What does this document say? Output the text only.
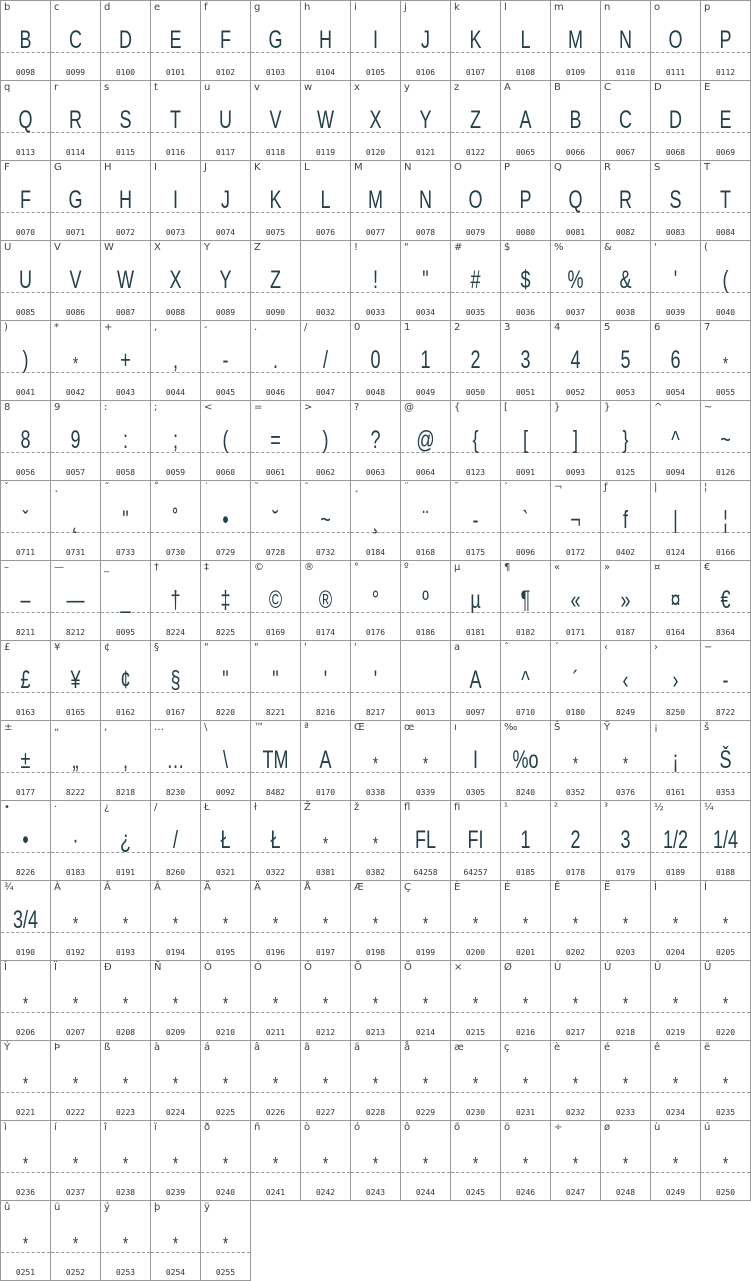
b
B
0098
c
C
0099
d
D
0100
e
E
0101
f
F
0102
g
G
0103
h
H
0104
i
I
0105
j
J
0106
k
K
0107
l
L
0108
m
M
0109
n
N
0110
o
O
0111
p
P
0112
q
Q
0113
r
R
0114
s
S
0115
t
T
0116
u
U
0117
v
V
0118
w
W
0119
x
X
0120
y
Y
0121
z
Z
0122
A
A
0065
B
B
0066
C
C
0067
D
D
0068
E
E
0069
F
F
0070
G
G
0071
H
H
0072
I
I
0073
J
J
0074
K
K
0075
L
L
0076
M
M
0077
N
N
0078
O
O
0079
P
P
0080
Q
Q
0081
R
R
0082
S
S
0083
T
T
0084
U
U
0085
V
V
0086
W
W
0087
X
X
0088
Y
Y
0089
Z
Z
0090	0032
!
!
0033
"
"
0034
#
#
0035
$
$
0036
%
%
0037
&
&
0038
'
'
0039
(
(
0040
)
)
0041
*
*
0042
+
+
0043
,
,
0044
-
-
0045
.
.
0046
/
/
0047
0
0
0048
1
1
0049
2
2
0050
3
3
0051
4
4
0052
5
5
0053
6
6
0054
7
*
0055
8
8
0056
9
9
0057
:
:
0058
;
;
0059
<
(
0060
=
=
0061
>
)
0062
?
?
0063
@
@
0064
{
{
0123
[
[
0091
}
]
0093
}
}
0125
^
^
0094
~
~
0126
ˇ
ˇ
0711
˛
˛
0731
˝
"
0733
˚
˚
0730
˙
•
0729
˘
˘
0728
˜
~
0732
¸
¸
0184
¨
¨
0168
¯
-
0175
`
`
0096
¬
¬
0172
ƒ
f
0402
|
|
0124
¦
¦
0166
–
–
8211
—
—
8212
_
_
0095
†
†
8224
‡
‡
8225
©
©
0169
®
®
0174
°
°
0176
º
º
0186
µ
µ
0181
¶
¶
0182
«
«
0171
»
»
0187
¤
¤
0164
€
€
8364
£
£
0163
¥
¥
0165
¢
¢
0162
§
§
0167
"
"
8220
"
"
8221
'
'
8216
'
'
8217	0013
a
A
0097
ˆ
^
0710
´
´
0180
‹
‹
8249
›
›
8250
−
-
8722
±
±
0177
„
„
8222
‚
‚
8218
…
…
8230
\
\
0092
™
TM
8482
ª
A
0170
Œ
*
0338
œ
*
0339
ı
I
0305
‰
%o
8240
Š
*
0352
Ÿ
*
0376
¡
¡
0161
š
Š
0353
•
•
8226
·
·
0183
¿
¿
0191
/
/
8260
Ł
Ł
0321
ł
Ł
0322
Ž
*
0381
ž
*
0382
fl
FL
64258
fi
FI
64257
¹
1
0185
²
2
0178
³
3
0179
½
1/2
0189
¼
1/4
0188
¾
3/4
0190
À
*
0192
Â
*
0193
Â
*
0194
Ã
*
0195
Ä
*
0196
Å
*
0197
Æ
*
0198
Ç
*
0199
È
*
0200
É
*
0201
Ê
*
0202
Ë
*
0203
Ì
*
0204
Í
*
0205
Î
*
0206
Ï
*
0207
Ð
*
0208
Ñ
*
0209
Ò
*
0210
Ó
*
0211
Ô
*
0212
Õ
*
0213
Ö
*
0214
×
*
0215
Ø
*
0216
Ù
*
0217
Ú
*
0218
Û
*
0219
Ü
*
0220
Ý
*
0221
Þ
*
0222
ß
*
0223
à
*
0224
á
*
0225
â
*
0226
ã
*
0227
ä
*
0228
å
*
0229
æ
*
0230
ç
*
0231
è
*
0232
é
*
0233
ê
*
0234
ë
*
0235
ì
*
0236
í
*
0237
î
*
0238
ï
*
0239
ð
*
0240
ñ
*
0241
ò
*
0242
ó
*
0243
ô
*
0244
õ
*
0245
ö
*
0246
÷
*
0247
ø
*
0248
ù
*
0249
ú
*
0250
û
*
0251
ü
*
0252
ý
*
0253
þ
*
0254
ÿ
*
0255
